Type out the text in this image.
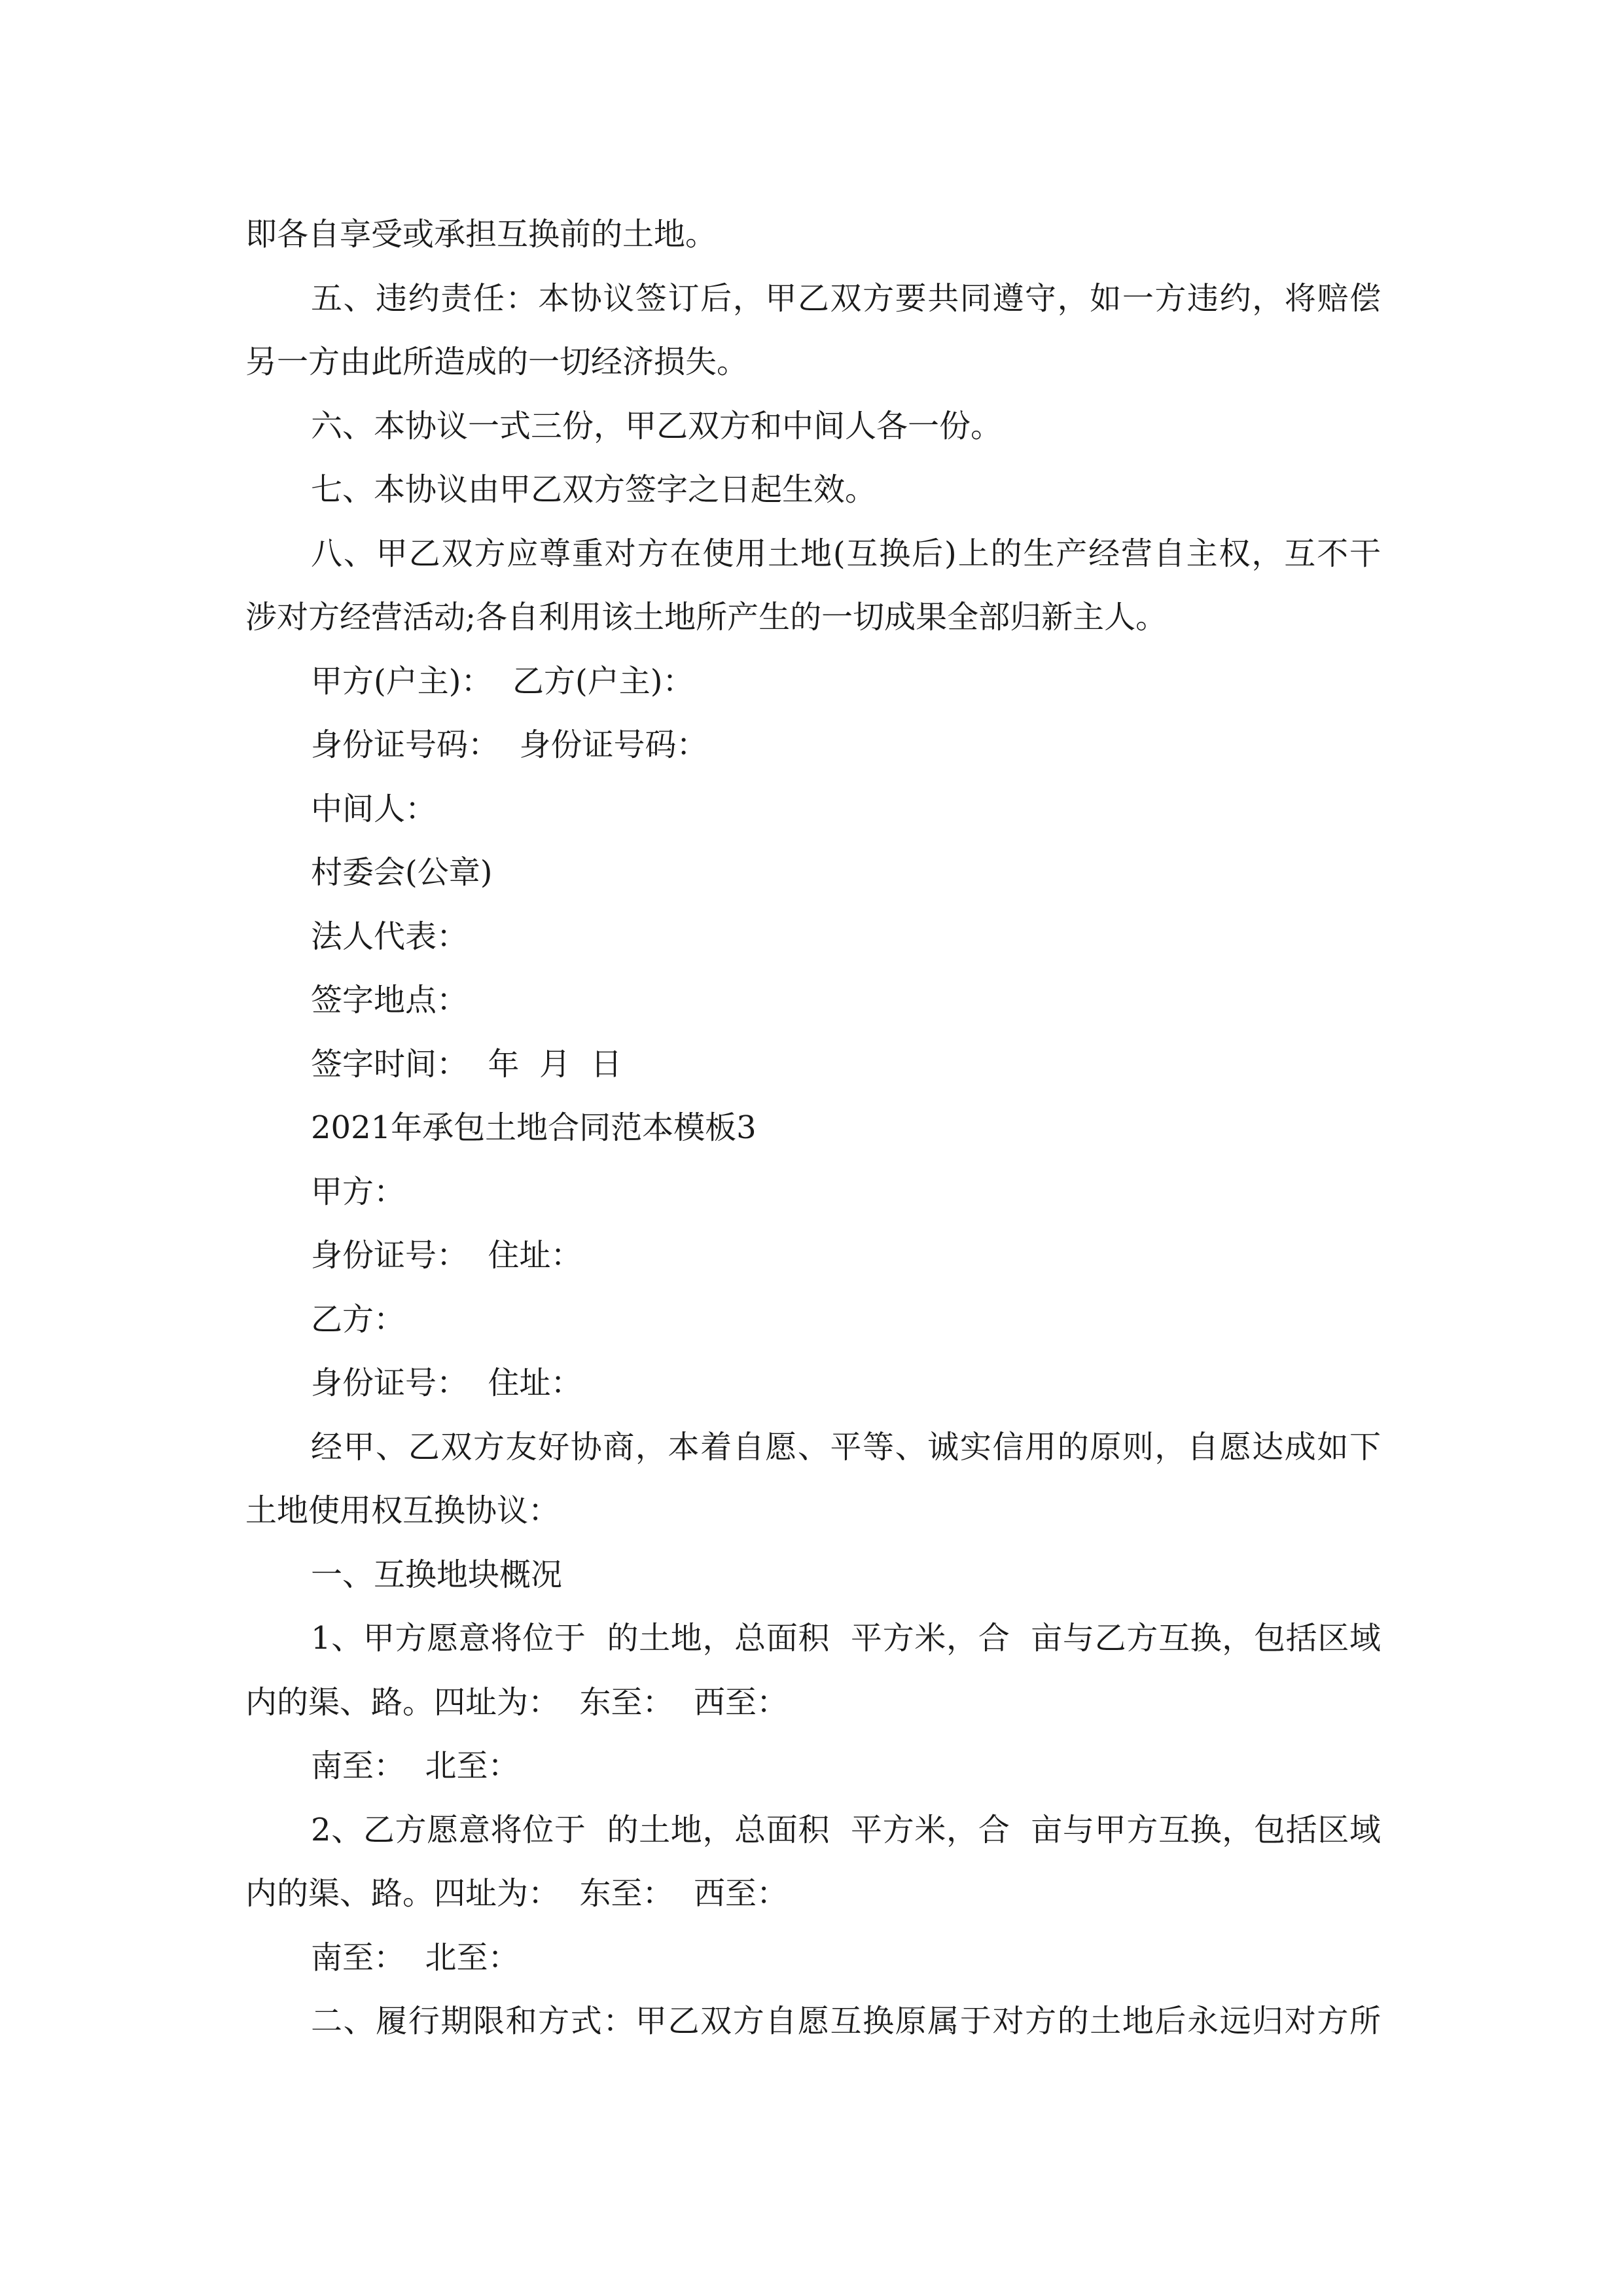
即各自享受或承担互换前的土地。
五、违约责任：本协议签订后，甲乙双方要共同遵守，如一方违约，将赔偿
另一方由此所造成的一切经济损失。
六、本协议一式三份，甲乙双方和中间人各一份。
七、本协议由甲乙双方签字之日起生效。
八、甲乙双方应尊重对方在使用土地(互换后)上的生产经营自主权，互不干
涉对方经营活动;各自利用该土地所产生的一切成果全部归新主人。
甲方(户主)：  乙方(户主)：
身份证号码：  身份证号码：
中间人：
村委会(公章)
法人代表：
签字地点：
签字时间：  年  月  日
2021年承包土地合同范本模板3
甲方：
身份证号：  住址：
乙方：
身份证号：  住址：
经甲、乙双方友好协商，本着自愿、平等、诚实信用的原则，自愿达成如下
土地使用权互换协议：
一、互换地块概况
1、甲方愿意将位于  的土地，总面积  平方米，合  亩与乙方互换，包括区域
内的渠、路。四址为：  东至：  西至：
南至：  北至：
2、乙方愿意将位于  的土地，总面积  平方米，合  亩与甲方互换，包括区域
内的渠、路。四址为：  东至：  西至：
南至：  北至：
二、履行期限和方式：甲乙双方自愿互换原属于对方的土地后永远归对方所
